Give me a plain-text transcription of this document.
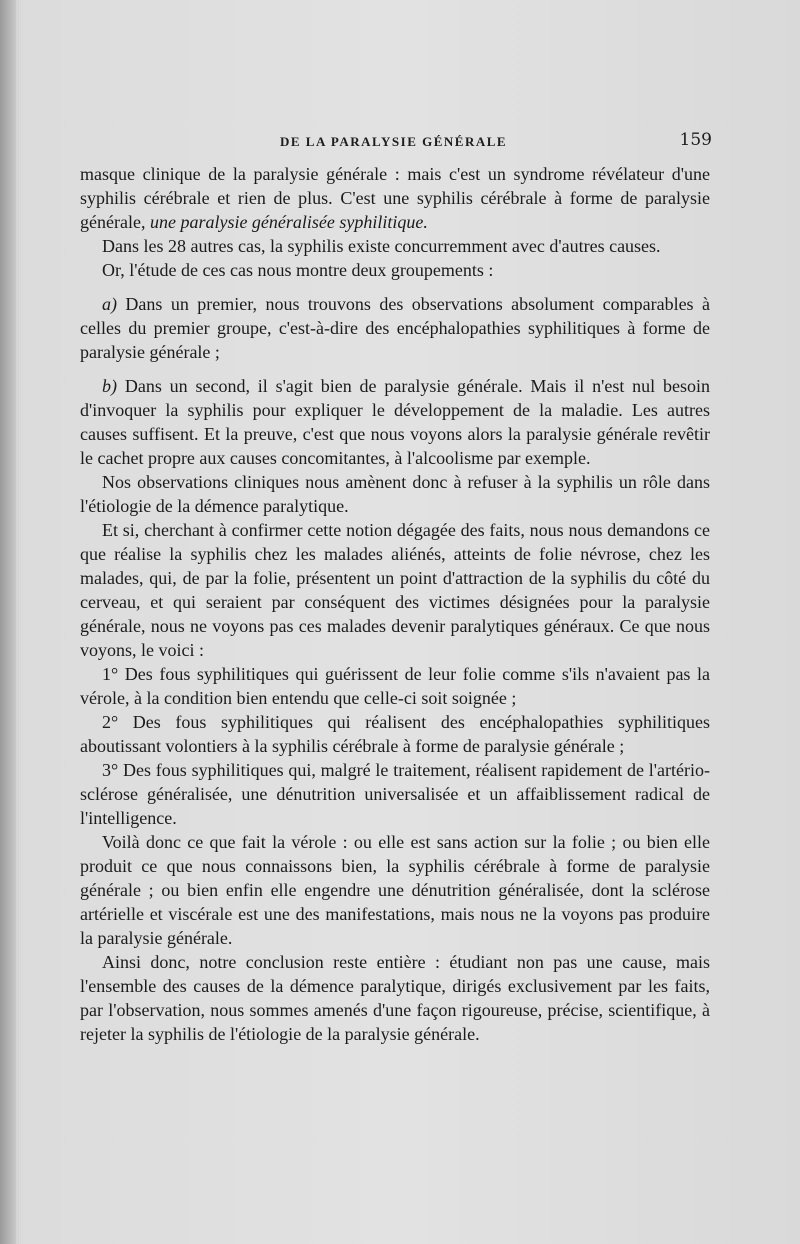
DE LA PARALYSIE GÉNÉRALE	159

masque clinique de la paralysie générale : mais c'est un syndrome révélateur d'une syphilis cérébrale et rien de plus. C'est une syphilis cérébrale à forme de paralysie générale, une paralysie généralisée syphilitique.

Dans les 28 autres cas, la syphilis existe concurremment avec d'autres causes.

Or, l'étude de ces cas nous montre deux groupements :

a) Dans un premier, nous trouvons des observations absolument comparables à celles du premier groupe, c'est-à-dire des encéphalopathies syphilitiques à forme de paralysie générale ;

b) Dans un second, il s'agit bien de paralysie générale. Mais il n'est nul besoin d'invoquer la syphilis pour expliquer le développement de la maladie. Les autres causes suffisent. Et la preuve, c'est que nous voyons alors la paralysie générale revêtir le cachet propre aux causes concomitantes, à l'alcoolisme par exemple.

Nos observations cliniques nous amènent donc à refuser à la syphilis un rôle dans l'étiologie de la démence paralytique.

Et si, cherchant à confirmer cette notion dégagée des faits, nous nous demandons ce que réalise la syphilis chez les malades aliénés, atteints de folie névrose, chez les malades, qui, de par la folie, présentent un point d'attraction de la syphilis du côté du cerveau, et qui seraient par conséquent des victimes désignées pour la paralysie générale, nous ne voyons pas ces malades devenir paralytiques généraux. Ce que nous voyons, le voici :

1° Des fous syphilitiques qui guérissent de leur folie comme s'ils n'avaient pas la vérole, à la condition bien entendu que celle-ci soit soignée ;

2° Des fous syphilitiques qui réalisent des encéphalopathies syphilitiques aboutissant volontiers à la syphilis cérébrale à forme de paralysie générale ;

3° Des fous syphilitiques qui, malgré le traitement, réalisent rapidement de l'artério-sclérose généralisée, une dénutrition universalisée et un affaiblissement radical de l'intelligence.

Voilà donc ce que fait la vérole : ou elle est sans action sur la folie ; ou bien elle produit ce que nous connaissons bien, la syphilis cérébrale à forme de paralysie générale ; ou bien enfin elle engendre une dénutrition généralisée, dont la sclérose artérielle et viscérale est une des manifestations, mais nous ne la voyons pas produire la paralysie générale.

Ainsi donc, notre conclusion reste entière : étudiant non pas une cause, mais l'ensemble des causes de la démence paralytique, dirigés exclusivement par les faits, par l'observation, nous sommes amenés d'une façon rigoureuse, précise, scientifique, à rejeter la syphilis de l'étiologie de la paralysie générale.
